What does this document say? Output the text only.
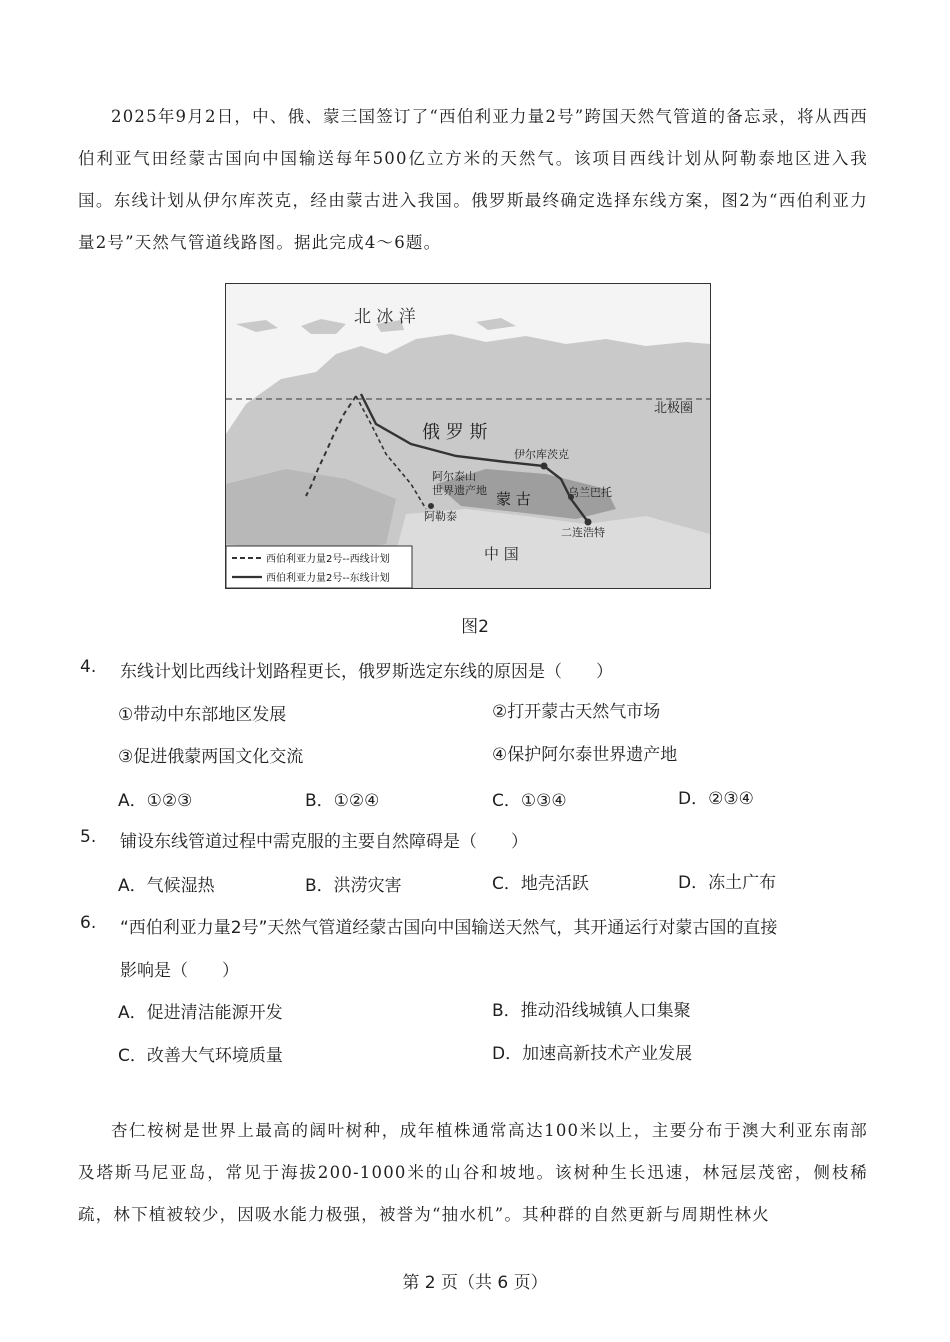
2025年9月2日，中、俄、蒙三国签订了“西伯利亚力量2号”跨国天然气管道的备忘录，将从西西伯利亚气田经蒙古国向中国输送每年500亿立方米的天然气。该项目西线计划从阿勒泰地区进入我国。东线计划从伊尔库茨克，经由蒙古进入我国。俄罗斯最终确定选择东线方案，图2为“西伯利亚力量2号”天然气管道线路图。据此完成4～6题。

北 冰 洋
北极圈
俄 罗 斯
伊尔库茨克
阿尔泰山
世界遗产地
阿勒泰
蒙 古	乌兰巴托
二连浩特
中 国
西伯利亚力量2号--西线计划
西伯利亚力量2号--东线计划
图2
4.	东线计划比西线计划路程更长，俄罗斯选定东线的原因是（　　）
①带动中东部地区发展	②打开蒙古天然气市场
③促进俄蒙两国文化交流	④保护阿尔泰世界遗产地
A．①②③	B．①②④	C．①③④	D．②③④
5.	铺设东线管道过程中需克服的主要自然障碍是（　　）
A．气候湿热	B．洪涝灾害	C．地壳活跃	D．冻土广布
6.	“西伯利亚力量2号”天然气管道经蒙古国向中国输送天然气，其开通运行对蒙古国的直接
影响是（　　）
A．促进清洁能源开发	B．推动沿线城镇人口集聚
C．改善大气环境质量	D．加速高新技术产业发展

杏仁桉树是世界上最高的阔叶树种，成年植株通常高达100米以上，主要分布于澳大利亚东南部及塔斯马尼亚岛，常见于海拔200-1000米的山谷和坡地。该树种生长迅速，林冠层茂密，侧枝稀疏，林下植被较少，因吸水能力极强，被誉为“抽水机”。其种群的自然更新与周期性林火

第 2 页（共 6 页）
